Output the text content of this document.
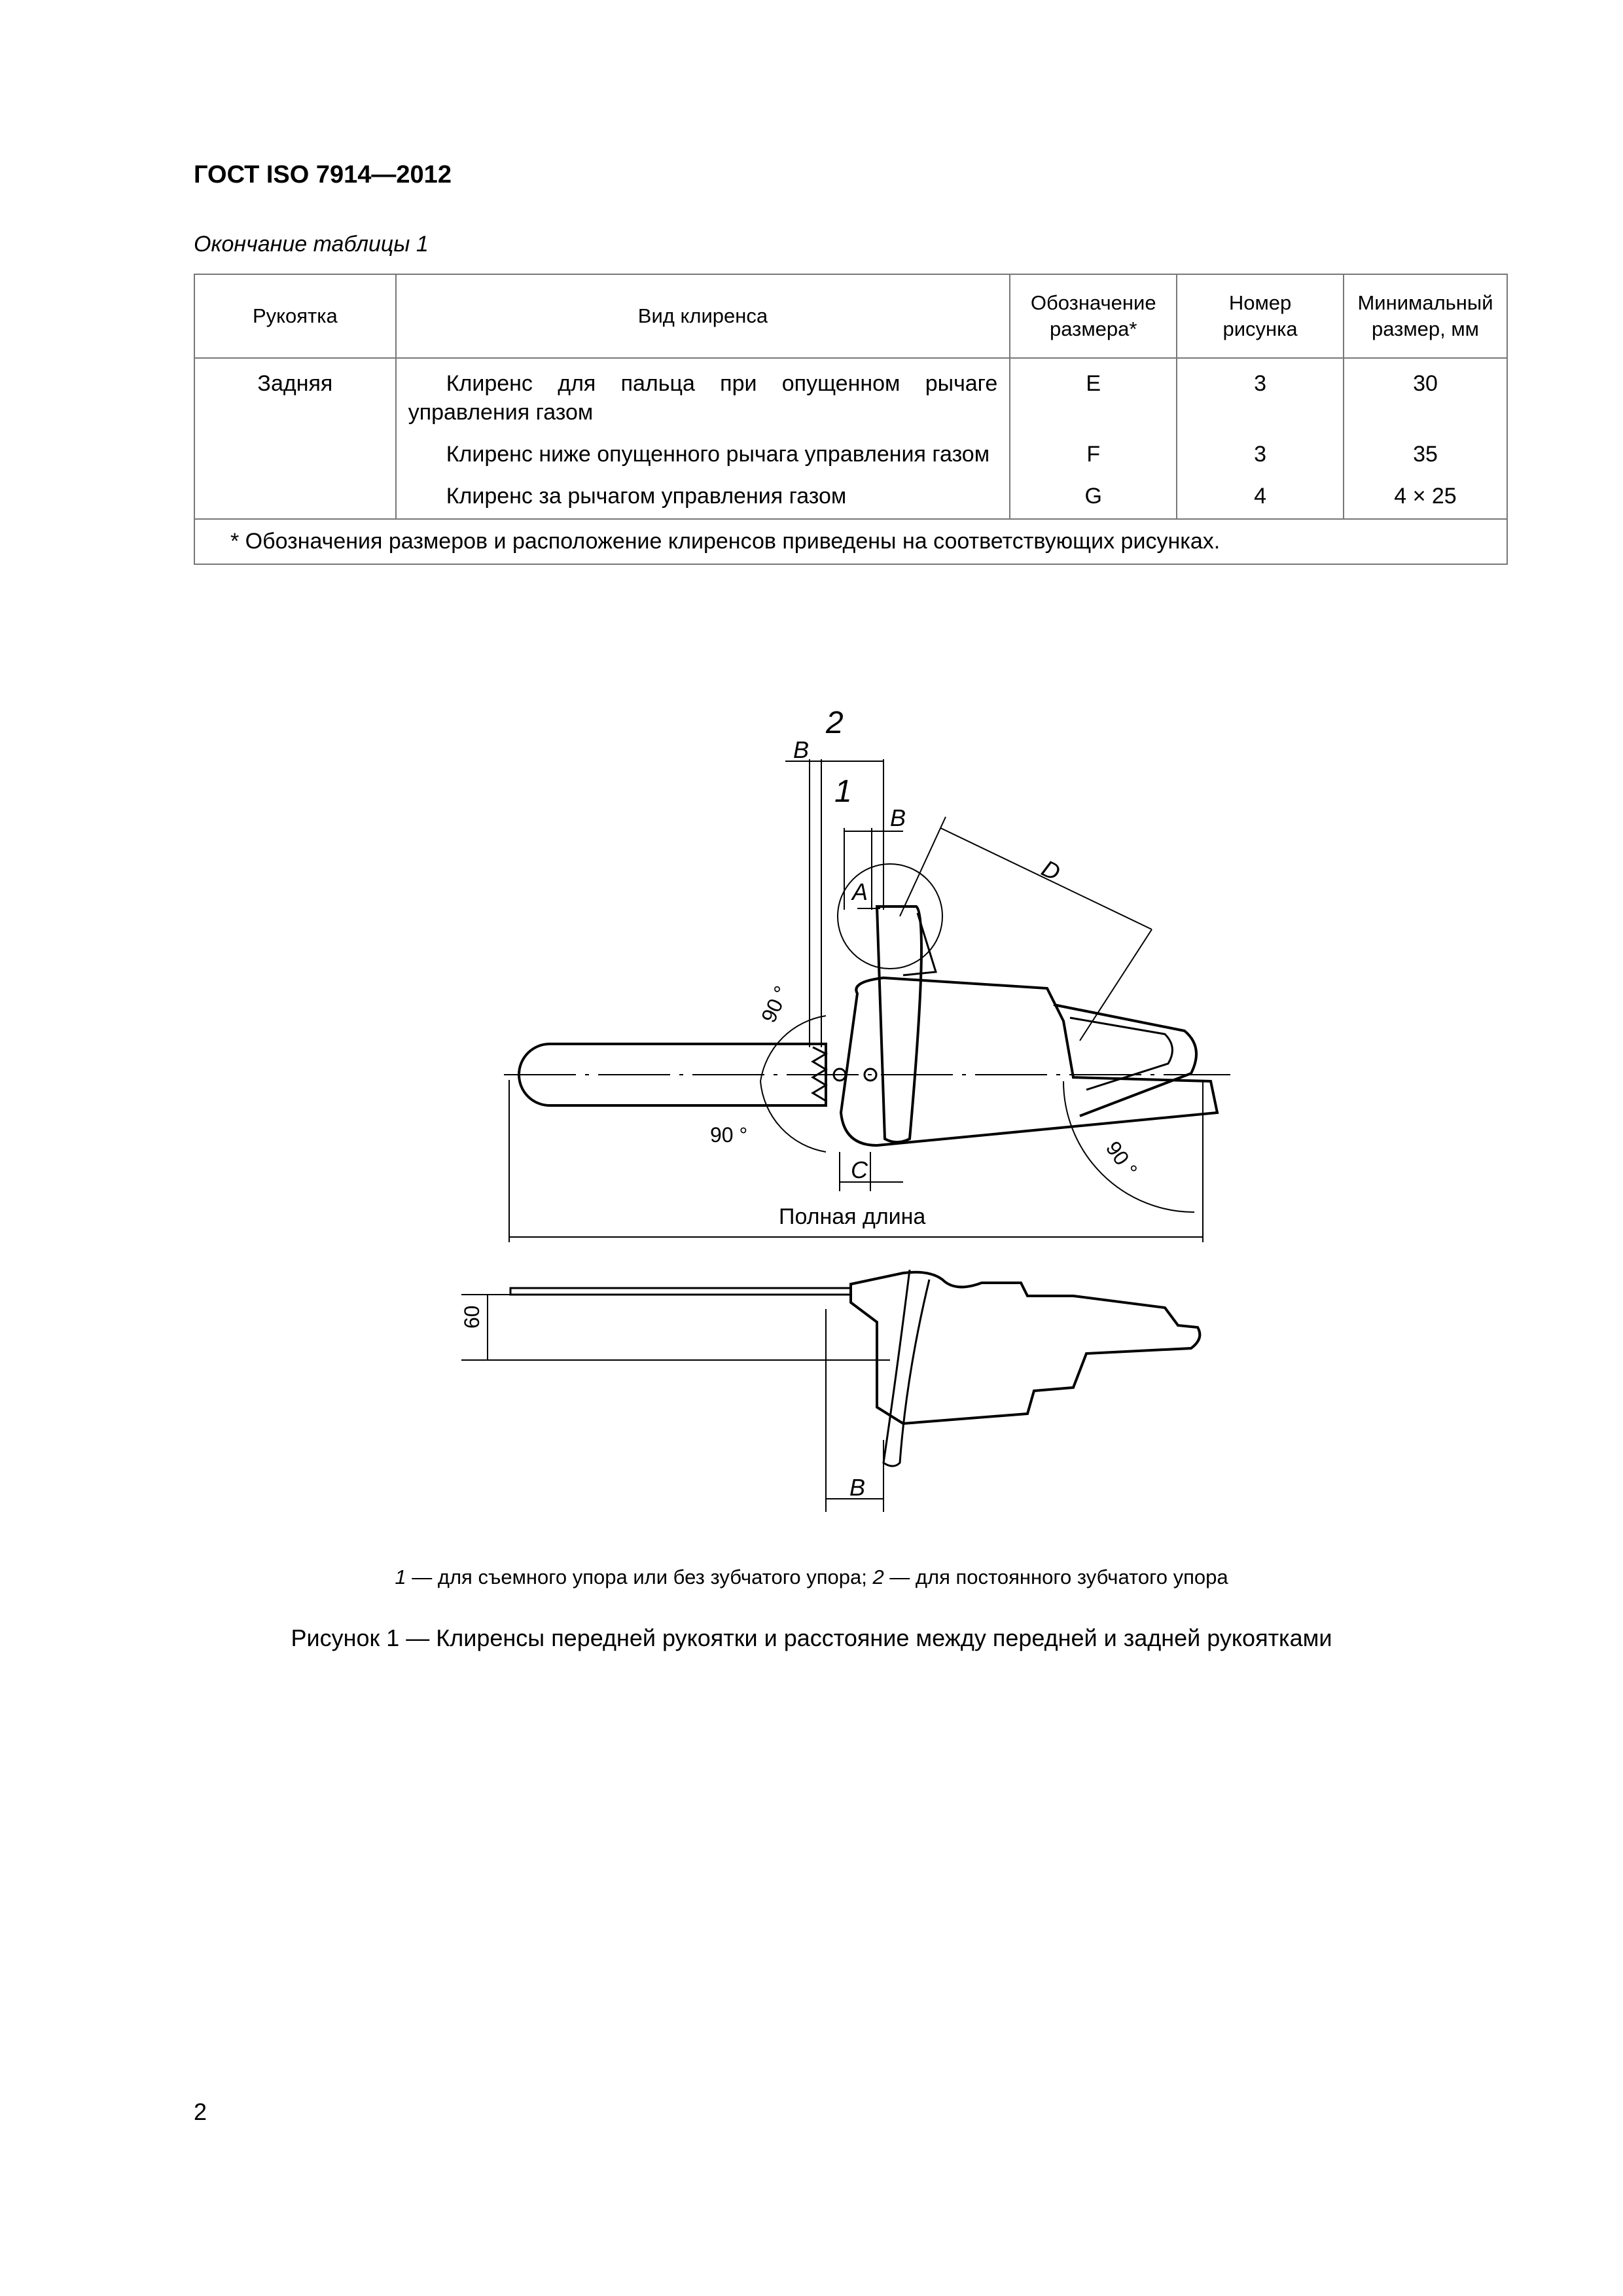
ГОСТ ISO 7914—2012
Окончание таблицы 1
Рукоятка	Вид клиренса	Обозначение размера*	Номер рисунка	Минимальный размер, мм
Задняя	Клиренс для пальца при опущенном рычаге управления газом	E	3	30
	Клиренс ниже опущенного рычага управления газом	F	3	35
	Клиренс за рычагом управления газом	G	4	4 × 25
* Обозначения размеров и расположение клиренсов приведены на соответствующих рисунках.				
2
1
B
B
A
D
C
B
90 °
90 °
90 °
Полная длина
60
1 — для съемного упора или без зубчатого упора; 2 — для постоянного зубчатого упора
Рисунок 1 — Клиренсы передней рукоятки и расстояние между передней и задней рукоятками
2
